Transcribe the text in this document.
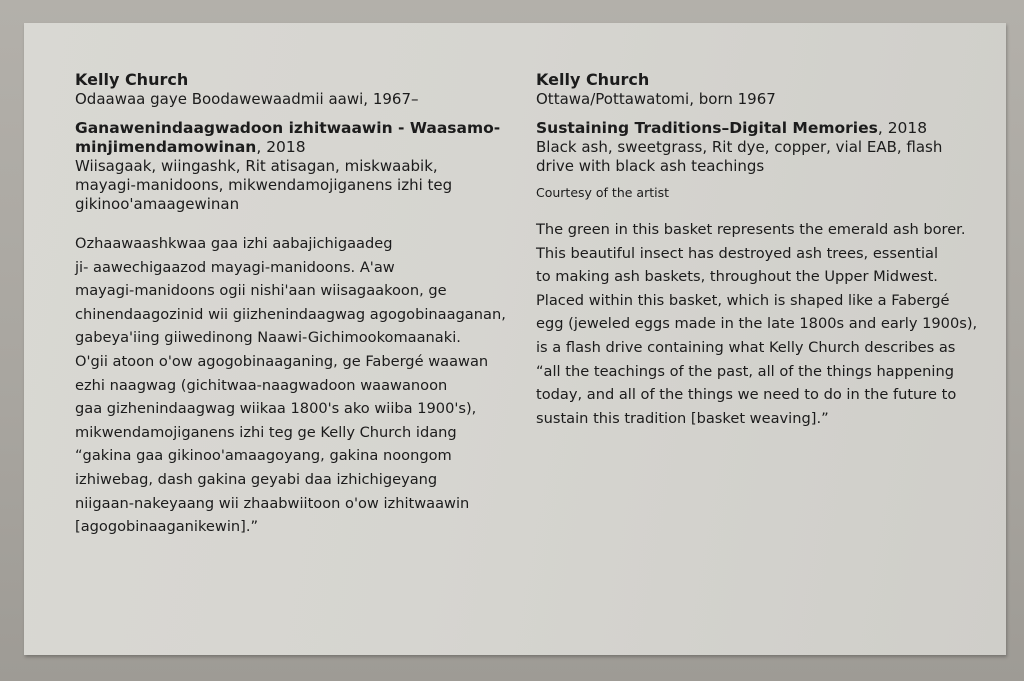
Kelly Church

Odaawaa gaye Boodawewaadmii aawi, 1967–

Ganawenindaagwadoon izhitwaawin - Waasamo-
minjimendamowinan, 2018

Wiisagaak, wiingashk, Rit atisagan, miskwaabik,
mayagi-manidoons, mikwendamojiganens izhi teg
gikinoo'amaagewinan

Ozhaawaashkwaa gaa izhi aabajichigaadeg
ji- aawechigaazod mayagi-manidoons. A'aw
mayagi-manidoons ogii nishi'aan wiisagaakoon, ge
chinendaagozinid wii giizhenindaagwag agogobinaaganan,
gabeya'iing giiwedinong Naawi-Gichimookomaanaki.
O'gii atoon o'ow agogobinaaganing, ge Fabergé waawan
ezhi naagwag (gichitwaa-naagwadoon waawanoon
gaa gizhenindaagwag wiikaa 1800's ako wiiba 1900's),
mikwendamojiganens izhi teg ge Kelly Church idang
“gakina gaa gikinoo'amaagoyang, gakina noongom
izhiwebag, dash gakina geyabi daa izhichigeyang
niigaan-nakeyaang wii zhaabwiitoon o'ow izhitwaawin
[agogobinaaganikewin].”

Kelly Church

Ottawa/Pottawatomi, born 1967

Sustaining Traditions–Digital Memories, 2018

Black ash, sweetgrass, Rit dye, copper, vial EAB, flash
drive with black ash teachings

Courtesy of the artist

The green in this basket represents the emerald ash borer.
This beautiful insect has destroyed ash trees, essential
to making ash baskets, throughout the Upper Midwest.
Placed within this basket, which is shaped like a Fabergé
egg (jeweled eggs made in the late 1800s and early 1900s),
is a flash drive containing what Kelly Church describes as
“all the teachings of the past, all of the things happening
today, and all of the things we need to do in the future to
sustain this tradition [basket weaving].”
